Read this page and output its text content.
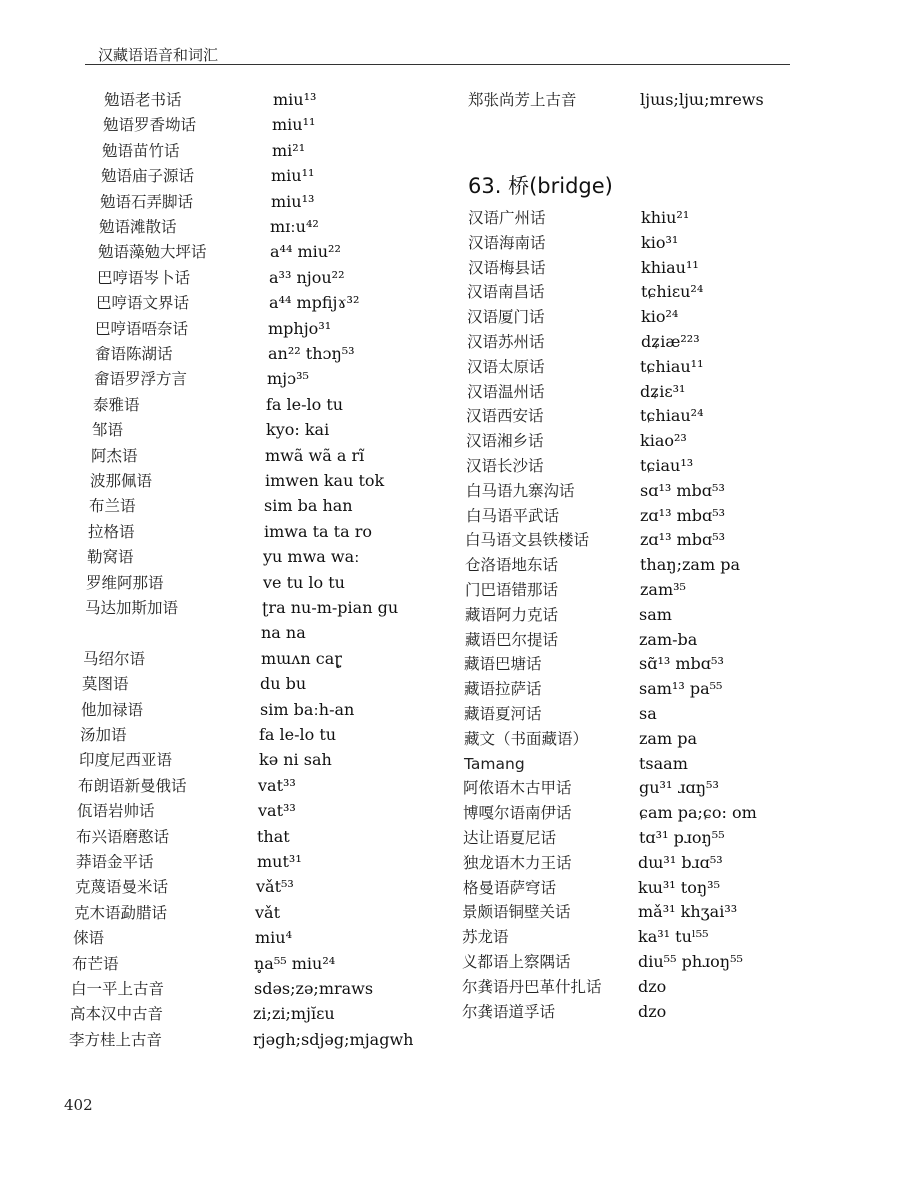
汉藏语语音和词汇
勉语老书话	miu¹³
勉语罗香坳话	miu¹¹
勉语苗竹话	mi²¹
勉语庙子源话	miu¹¹
勉语石弄脚话	miu¹³
勉语滩散话	mɪːu⁴²
勉语藻勉大坪话	a⁴⁴ miu²²
巴哼语岑卜话	a³³ njou²²
巴哼语文界话	a⁴⁴ mpfijɤ³²
巴哼语唔奈话	mphjo³¹
畲语陈湖话	an²² thɔŋ⁵³
畲语罗浮方言	mjɔ³⁵
泰雅语	fa le-lo tu
邹语	kyo: kai
阿杰语	mwã wã a rĩ
波那佩语	imwen kau tok
布兰语	sim ba han
拉格语	imwa ta ta ro
勒窝语	yu mwa waː
罗维阿那语	ve tu lo tu
马达加斯加语	ʈra nu-m-pian gu
na na
马绍尔语	mɯʌn caɽ̥
莫图语	du bu
他加禄语	sim baːh-an
汤加语	fa le-lo tu
印度尼西亚语	kə ni sah
布朗语新曼俄话	vat³³
佤语岩帅话	vat³³
布兴语磨憨话	that
莽语金平话	mut³¹
克蔑语曼米话	vǎt⁵³
克木语勐腊话	vǎt
倈语	miu⁴
布芒语	n̥a⁵⁵ miu²⁴
白一平上古音	sdəs;zə;mraws
高本汉中古音	zi;zi;mjĭɛu
李方桂上古音	rjəgh;sdjəg;mjagwh
郑张尚芳上古音	ljɯs;ljɯ;mrews
63. 桥(bridge)
汉语广州话	khiu²¹
汉语海南话	kio³¹
汉语梅县话	khiau¹¹
汉语南昌话	tɕhiɛu²⁴
汉语厦门话	kio²⁴
汉语苏州话	dʑiæ²²³
汉语太原话	tɕhiau¹¹
汉语温州话	dʑiɛ³¹
汉语西安话	tɕhiau²⁴
汉语湘乡话	kiao²³
汉语长沙话	tɕiau¹³
白马语九寨沟话	sɑ¹³ mbɑ⁵³
白马语平武话	zɑ¹³ mbɑ⁵³
白马语文县铁楼话	zɑ¹³ mbɑ⁵³
仓洛语地东话	thaŋ;zam pa
门巴语错那话	zam³⁵
藏语阿力克话	sam
藏语巴尔提话	zam-ba
藏语巴塘话	sɑ̃¹³ mbɑ⁵³
藏语拉萨话	sam¹³ pa⁵⁵
藏语夏河话	sa
藏文（书面藏语）	zam pa
Tamang	tsaam
阿侬语木古甲话	gu³¹ ɹɑŋ⁵³
博嘎尔语南伊话	ɕam pa;ɕo: om
达让语夏尼话	tɑ³¹ pɹoŋ⁵⁵
独龙语木力王话	dɯ³¹ bɹɑ⁵³
格曼语萨穹话	kɯ³¹ toŋ³⁵
景颇语铜壁关话	mǎ³¹ khʒai³³
苏龙语	ka³¹ tuˡ⁵⁵
义都语上察隅话	diu⁵⁵ phɹoŋ⁵⁵
尔龚语丹巴革什扎话 dzo
尔龚语道孚话	dzo
402
